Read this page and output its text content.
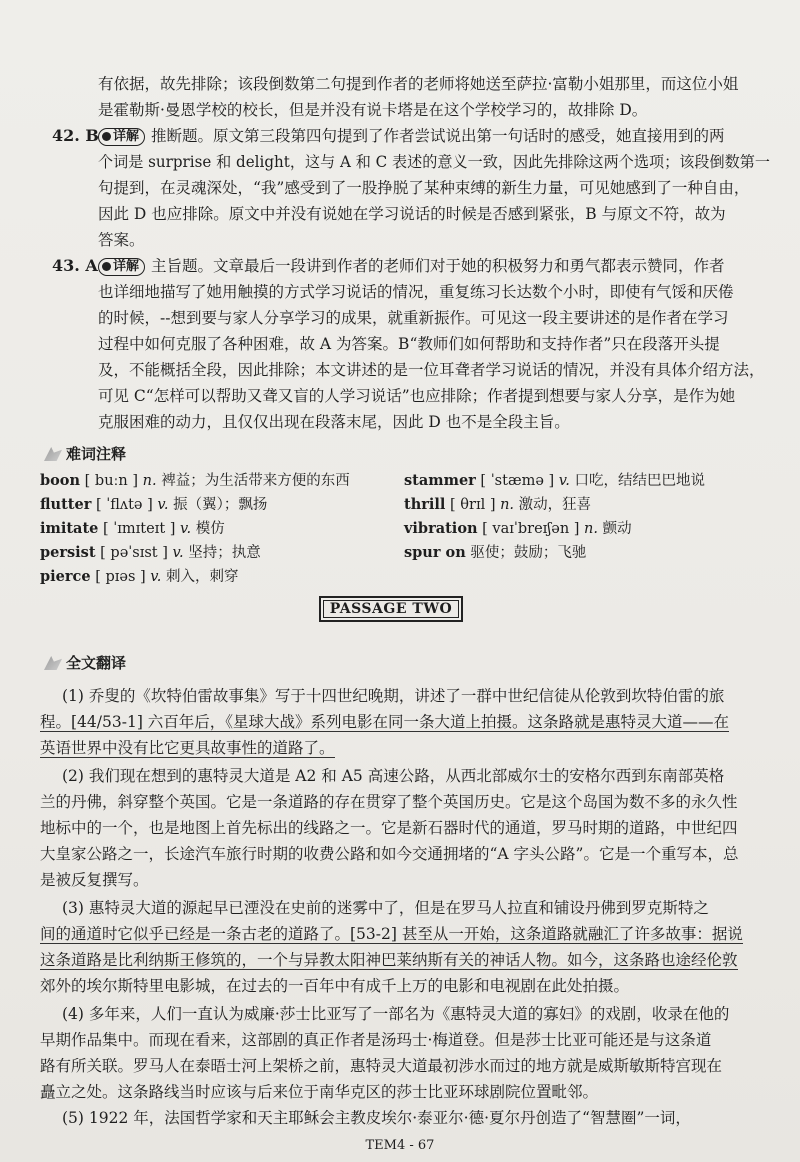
有依据，故先排除；该段倒数第二句提到作者的老师将她送至萨拉·富勒小姐那里，而这位小姐
是霍勒斯·曼恩学校的校长，但是并没有说卡塔是在这个学校学习的，故排除 D。
42. B	详解 推断题。原文第三段第四句提到了作者尝试说出第一句话时的感受，她直接用到的两
个词是 surprise 和 delight，这与 A 和 C 表述的意义一致，因此先排除这两个选项；该段倒数第一
句提到，在灵魂深处，“我”感受到了一股挣脱了某种束缚的新生力量，可见她感到了一种自由，
因此 D 也应排除。原文中并没有说她在学习说话的时候是否感到紧张，B 与原文不符，故为
答案。
43. A	详解 主旨题。文章最后一段讲到作者的老师们对于她的积极努力和勇气都表示赞同，作者
也详细地描写了她用触摸的方式学习说话的情况，重复练习长达数个小时，即使有气馁和厌倦
的时候，--想到要与家人分享学习的成果，就重新振作。可见这一段主要讲述的是作者在学习
过程中如何克服了各种困难，故 A 为答案。B“教师们如何帮助和支持作者”只在段落开头提
及，不能概括全段，因此排除；本文讲述的是一位耳聋者学习说话的情况，并没有具体介绍方法，
可见 C“怎样可以帮助又聋又盲的人学习说话”也应排除；作者提到想要与家人分享，是作为她
克服困难的动力，且仅仅出现在段落末尾，因此 D 也不是全段主旨。
难词注释
boon [ buːn ] n. 裨益；为生活带来方便的东西
flutter [ ˈflʌtə ] v. 振（翼）；飘扬
imitate [ ˈɪmɪteɪt ] v. 模仿
persist [ pəˈsɪst ] v. 坚持；执意
pierce [ pɪəs ] v. 刺入，刺穿
stammer [ ˈstæmə ] v. 口吃，结结巴巴地说
thrill [ θrɪl ] n. 激动，狂喜
vibration [ vaɪˈbreɪʃən ] n. 颤动
spur on 驱使；鼓励；飞驰
PASSAGE TWO
全文翻译
(1) 乔叟的《坎特伯雷故事集》写于十四世纪晚期，讲述了一群中世纪信徒从伦敦到坎特伯雷的旅
程。[44/53-1] 六百年后，《星球大战》系列电影在同一条大道上拍摄。这条路就是惠特灵大道——在
英语世界中没有比它更具故事性的道路了。
(2) 我们现在想到的惠特灵大道是 A2 和 A5 高速公路，从西北部威尔士的安格尔西到东南部英格
兰的丹佛，斜穿整个英国。它是一条道路的存在贯穿了整个英国历史。它是这个岛国为数不多的永久性
地标中的一个，也是地图上首先标出的线路之一。它是新石器时代的通道，罗马时期的道路，中世纪四
大皇家公路之一，长途汽车旅行时期的收费公路和如今交通拥堵的“A 字头公路”。它是一个重写本，总
是被反复撰写。
(3) 惠特灵大道的源起早已湮没在史前的迷雾中了，但是在罗马人拉直和铺设丹佛到罗克斯特之
间的通道时它似乎已经是一条古老的道路了。[53-2] 甚至从一开始，这条道路就融汇了许多故事：据说
这条道路是比利纳斯王修筑的，一个与异教太阳神巴莱纳斯有关的神话人物。如今，这条路也途经伦敦
郊外的埃尔斯特里电影城，在过去的一百年中有成千上万的电影和电视剧在此处拍摄。
(4) 多年来，人们一直认为威廉·莎士比亚写了一部名为《惠特灵大道的寡妇》的戏剧，收录在他的
早期作品集中。而现在看来，这部剧的真正作者是汤玛士·梅道登。但是莎士比亚可能还是与这条道
路有所关联。罗马人在泰晤士河上架桥之前，惠特灵大道最初涉水而过的地方就是威斯敏斯特宫现在
矗立之处。这条路线当时应该与后来位于南华克区的莎士比亚环球剧院位置毗邻。
(5) 1922 年，法国哲学家和天主耶稣会主教皮埃尔·泰亚尔·德·夏尔丹创造了“智慧圈”一词，
TEM4 - 67
